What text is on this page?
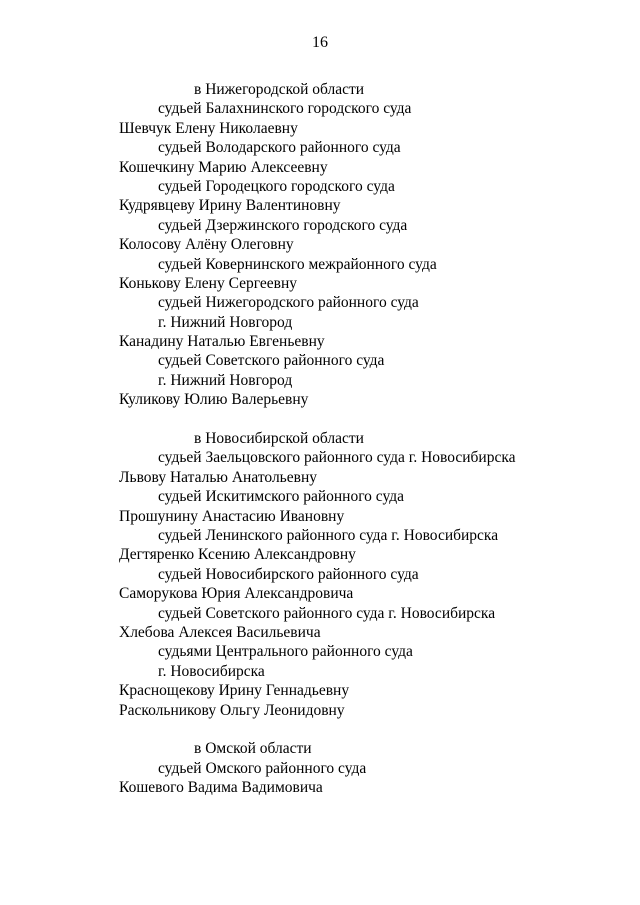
16
в Нижегородской области
судьей Балахнинского городского суда
Шевчук Елену Николаевну
судьей Володарского районного суда
Кошечкину Марию Алексеевну
судьей Городецкого городского суда
Кудрявцеву Ирину Валентиновну
судьей Дзержинского городского суда
Колосову Алёну Олеговну
судьей Ковернинского межрайонного суда
Конькову Елену Сергеевну
судьей Нижегородского районного суда
г. Нижний Новгород
Канадину Наталью Евгеньевну
судьей Советского районного суда
г. Нижний Новгород
Куликову Юлию Валерьевну
в Новосибирской области
судьей Заельцовского районного суда г. Новосибирска
Львову Наталью Анатольевну
судьей Искитимского районного суда
Прошунину Анастасию Ивановну
судьей Ленинского районного суда г. Новосибирска
Дегтяренко Ксению Александровну
судьей Новосибирского районного суда
Саморукова Юрия Александровича
судьей Советского районного суда г. Новосибирска
Хлебова Алексея Васильевича
судьями Центрального районного суда
г. Новосибирска
Краснощекову Ирину Геннадьевну
Раскольникову Ольгу Леонидовну
в Омской области
судьей Омского районного суда
Кошевого Вадима Вадимовича
